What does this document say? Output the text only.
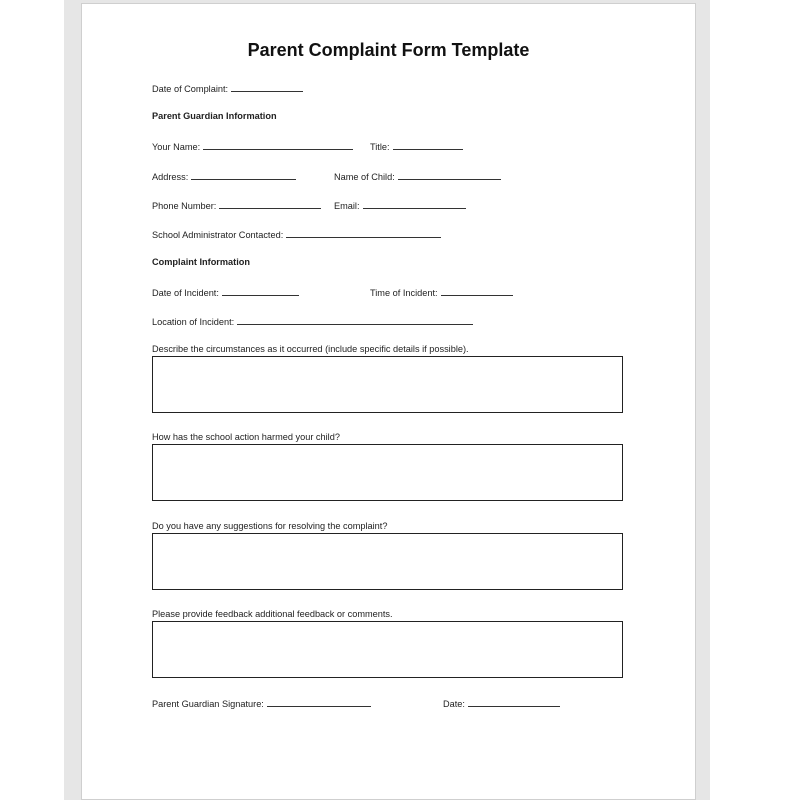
Parent Complaint Form Template
Date of Complaint:
Parent Guardian Information
Your Name:	Title:
Address:	Name of Child:
Phone Number:	Email:
School Administrator Contacted:
Complaint Information
Date of Incident:	Time of Incident:
Location of Incident:
Describe the circumstances as it occurred (include specific details if possible).
How has the school action harmed your child?
Do you have any suggestions for resolving the complaint?
Please provide feedback additional feedback or comments.
Parent Guardian Signature:	Date:
